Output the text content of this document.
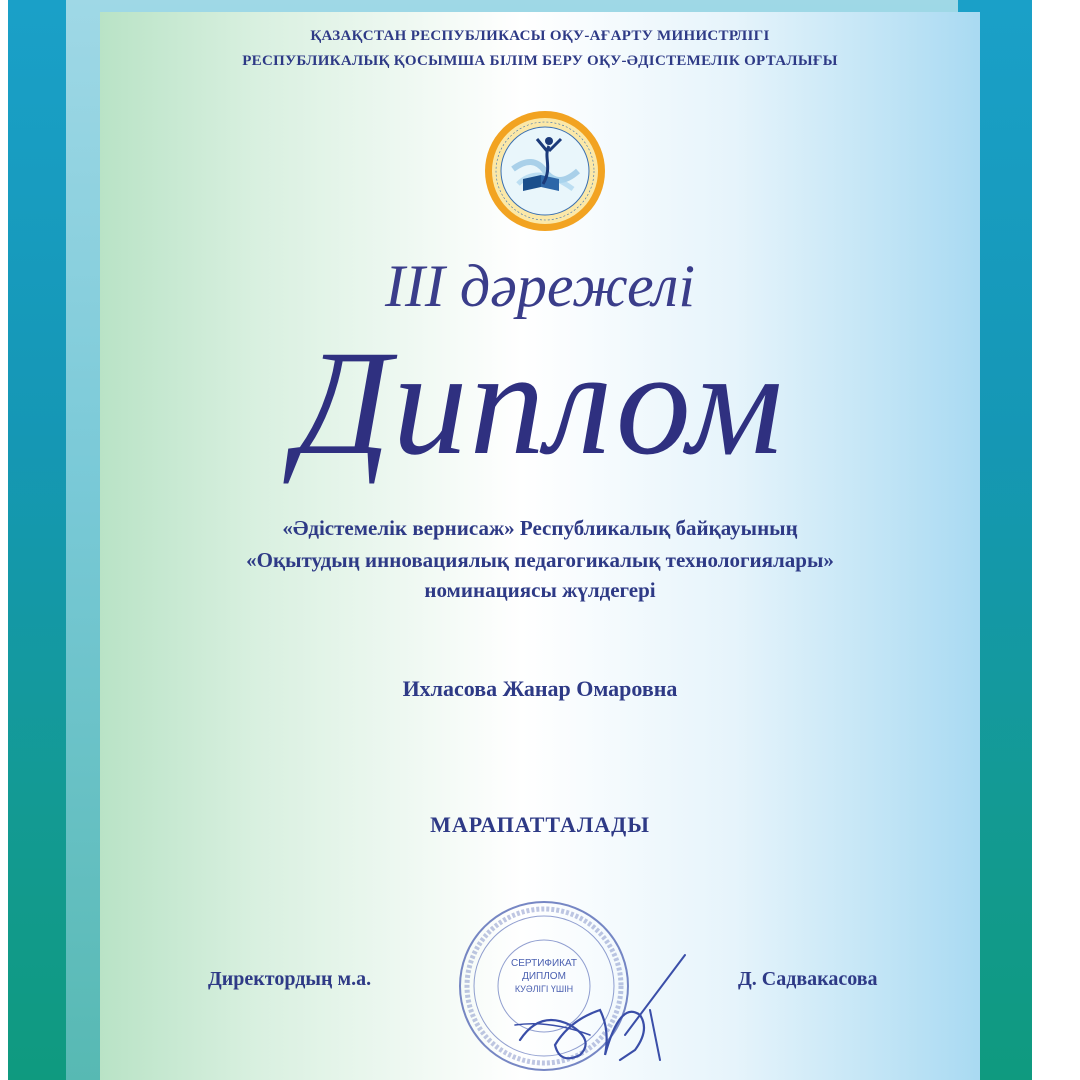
ҚАЗАҚСТАН РЕСПУБЛИКАСЫ ОҚУ-АҒАРТУ МИНИСТРЛІГІ
РЕСПУБЛИКАЛЫҚ ҚОСЫМША БІЛІМ БЕРУ ОҚУ-ӘДІСТЕМЕЛІК ОРТАЛЫҒЫ
III дәрежелі
Диплом
«Әдістемелік вернисаж» Республикалық байқауының
«Оқытудың инновациялық педагогикалық технологиялары»
номинациясы жүлдегері
Ихласова Жанар Омаровна
МАРАПАТТАЛАДЫ
Директордың м.а.	Д. Садвакасова
СЕРТИФИКАТ
ДИПЛОМ
КУӘЛІГІ ҮШІН
